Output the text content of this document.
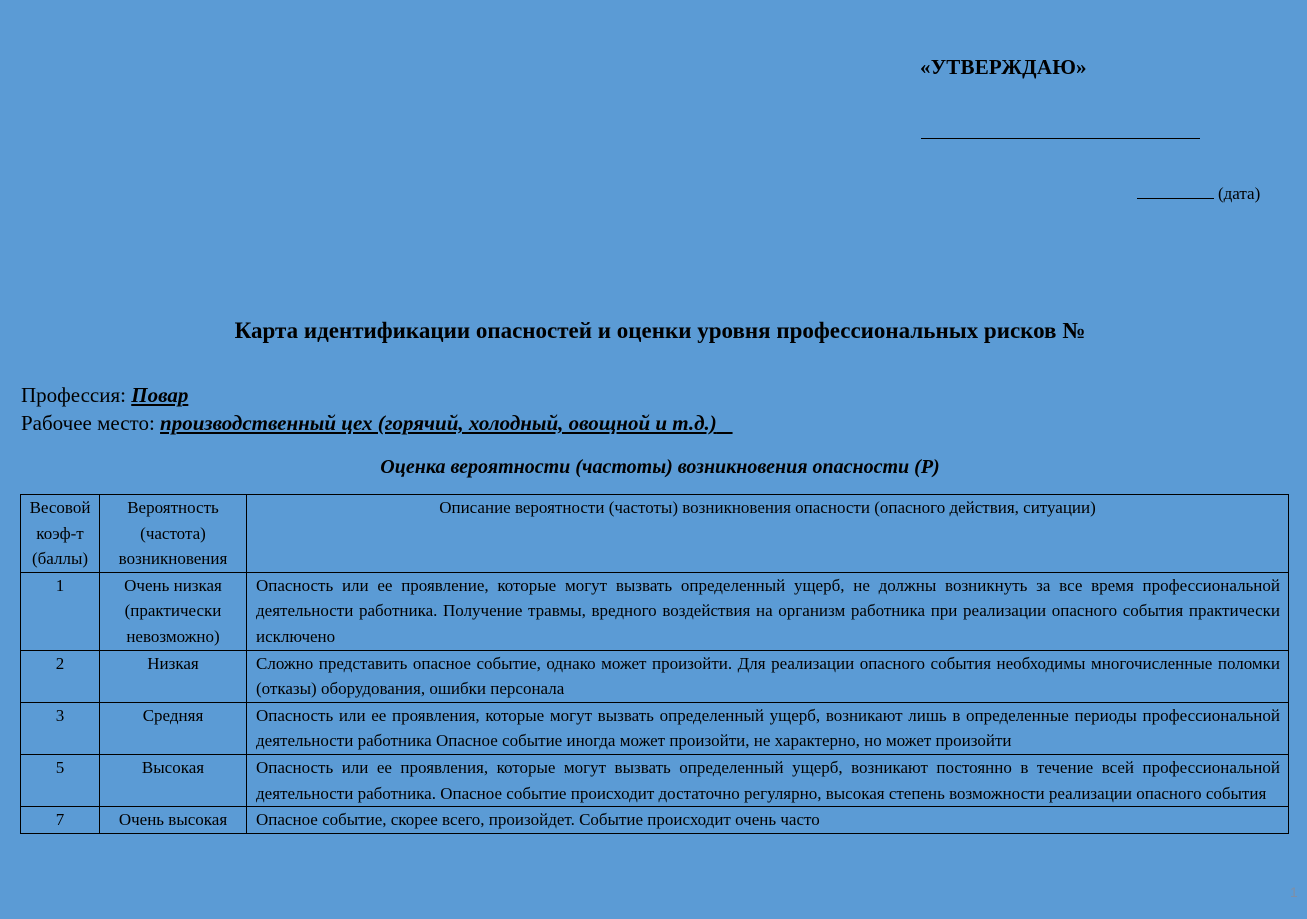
«УТВЕРЖДАЮ»
(дата)
Карта идентификации опасностей и оценки уровня профессиональных рисков №
Профессия: Повар
Рабочее место: производственный цех (горячий, холодный, овощной и т.д.)
Оценка вероятности (частоты) возникновения опасности (Р)
Весовой коэф-т (баллы)	Вероятность (частота) возникновения	Описание вероятности (частоты) возникновения опасности (опасного действия, ситуации)
1	Очень низкая (практически невозможно)	Опасность или ее проявление, которые могут вызвать определенный ущерб, не должны возникнуть за все время профессиональной деятельности работника. Получение травмы, вредного воздействия на организм работника при реализации опасного события практически исключено
2	Низкая	Сложно представить опасное событие, однако может произойти. Для реализации опасного события необходимы многочисленные поломки (отказы) оборудования, ошибки персонала
3	Средняя	Опасность или ее проявления, которые могут вызвать определенный ущерб, возникают лишь в определенные периоды профессиональной деятельности работника Опасное событие иногда может произойти, не характерно, но может произойти
5	Высокая	Опасность или ее проявления, которые могут вызвать определенный ущерб, возникают постоянно в течение всей профессиональной деятельности работника. Опасное событие происходит достаточно регулярно, высокая степень возможности реализации опасного события
7	Очень высокая	Опасное событие, скорее всего, произойдет. Событие происходит очень часто
1
